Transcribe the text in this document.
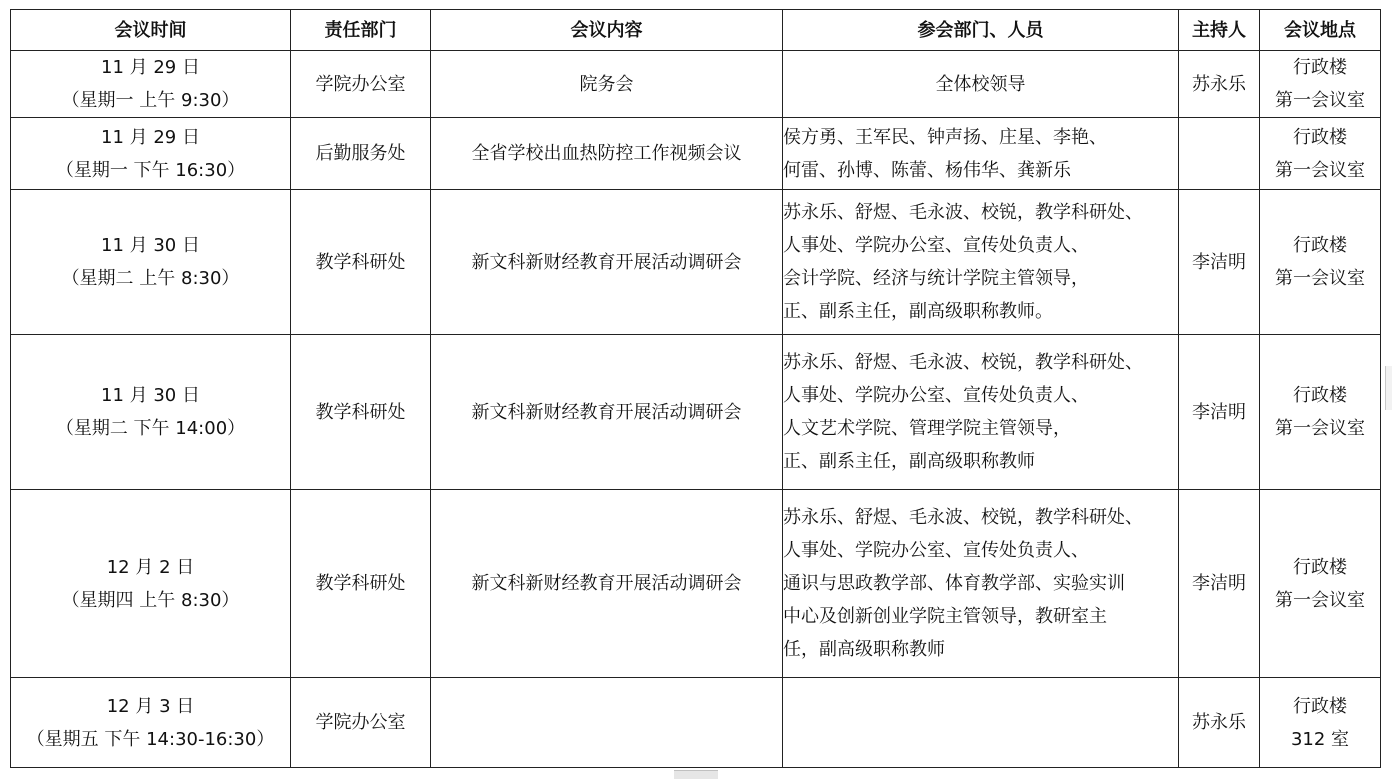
会议时间	责任部门	会议内容	参会部门、人员	主持人	会议地点

11 月 29 日
（星期一 上午 9:30）	学院办公室	院务会	全体校领导	苏永乐	行政楼
第一会议室

11 月 29 日
（星期一 下午 16:30）	后勤服务处	全省学校出血热防控工作视频会议	侯方勇、王军民、钟声扬、庄星、李艳、
何雷、孙博、陈蕾、杨伟华、龚新乐		行政楼
第一会议室

11 月 30 日
（星期二 上午 8:30）	教学科研处	新文科新财经教育开展活动调研会	苏永乐、舒煜、毛永波、校锐，教学科研处、
人事处、学院办公室、宣传处负责人、
会计学院、经济与统计学院主管领导，
正、副系主任，副高级职称教师。	李洁明	行政楼
第一会议室

11 月 30 日
（星期二 下午 14:00）	教学科研处	新文科新财经教育开展活动调研会	苏永乐、舒煜、毛永波、校锐，教学科研处、
人事处、学院办公室、宣传处负责人、
人文艺术学院、管理学院主管领导，
正、副系主任，副高级职称教师	李洁明	行政楼
第一会议室

12 月 2 日
（星期四 上午 8:30）	教学科研处	新文科新财经教育开展活动调研会	苏永乐、舒煜、毛永波、校锐，教学科研处、
人事处、学院办公室、宣传处负责人、
通识与思政教学部、体育教学部、实验实训
中心及创新创业学院主管领导，教研室主
任，副高级职称教师	李洁明	行政楼
第一会议室

12 月 3 日
（星期五 下午 14:30-16:30）	学院办公室			苏永乐	行政楼
312 室
